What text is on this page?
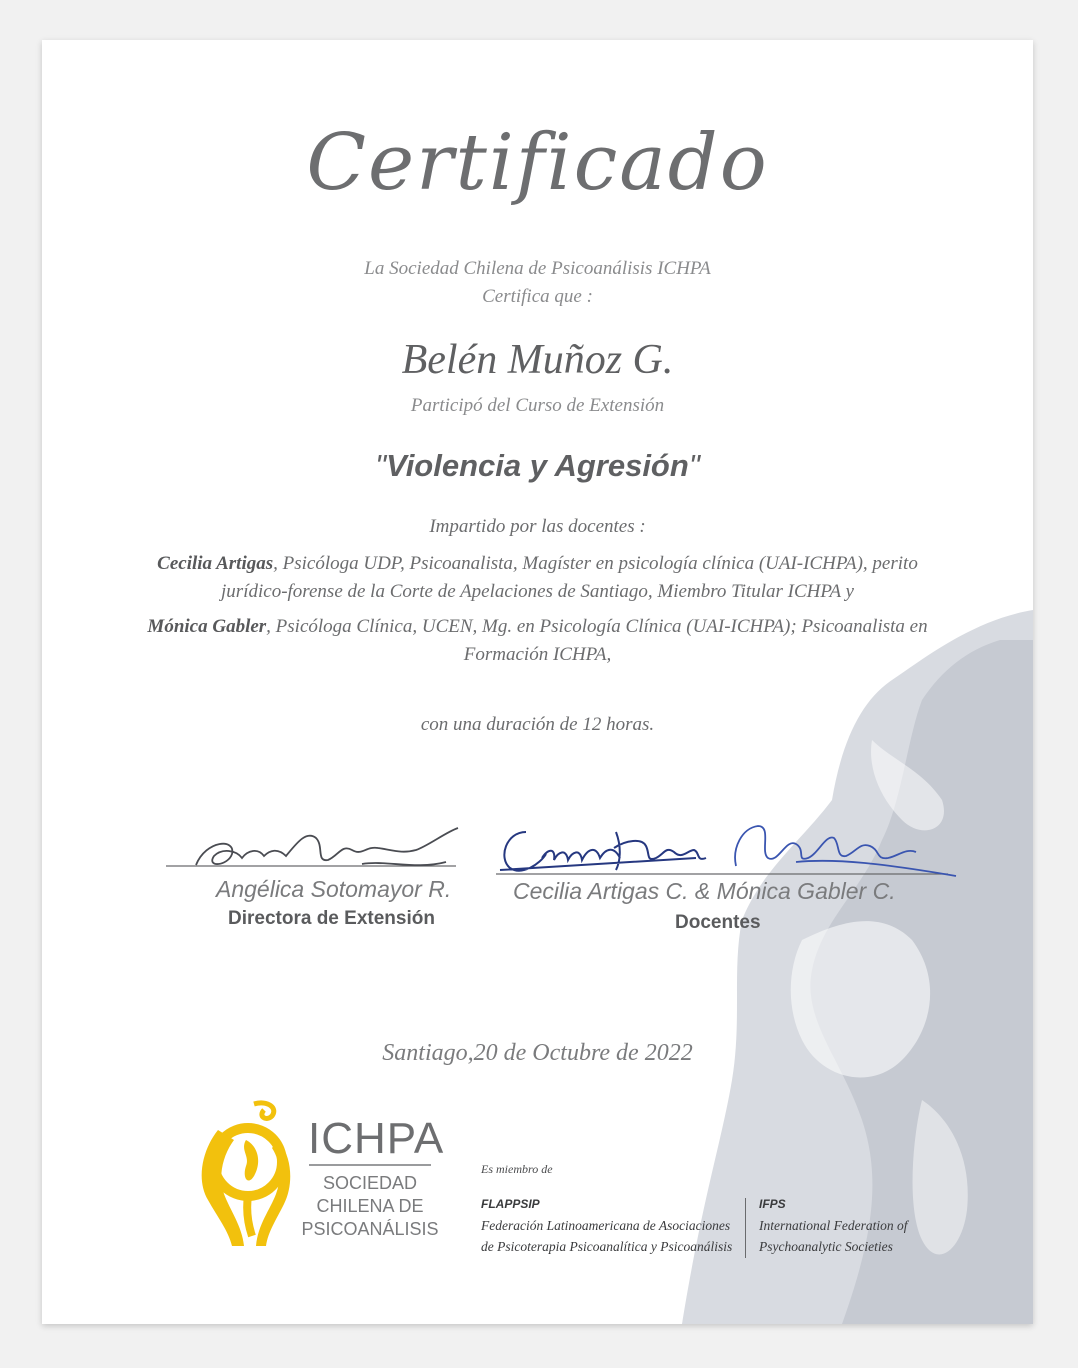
Certificado
La Sociedad Chilena de Psicoanálisis ICHPA
Certifica que :
Belén Muñoz G.
Participó del Curso de Extensión
"Violencia y Agresión"
Impartido por las docentes :
Cecilia Artigas, Psicóloga UDP, Psicoanalista, Magíster en psicología clínica (UAI-ICHPA), perito jurídico-forense de la Corte de Apelaciones de Santiago, Miembro Titular ICHPA y
Mónica Gabler, Psicóloga Clínica, UCEN, Mg. en Psicología Clínica (UAI-ICHPA); Psicoanalista en Formación ICHPA,
con una duración de 12 horas.
Angélica Sotomayor R.
Directora de Extensión
Cecilia Artigas C. & Mónica Gabler C.
Docentes
Santiago,20 de Octubre de 2022
ICHPA
SOCIEDAD
CHILENA DE
PSICOANÁLISIS
Es miembro de
FLAPPSIP
Federación Latinoamericana de Asociaciones
de Psicoterapia Psicoanalítica y Psicoanálisis
IFPS
International Federation of
Psychoanalytic Societies
